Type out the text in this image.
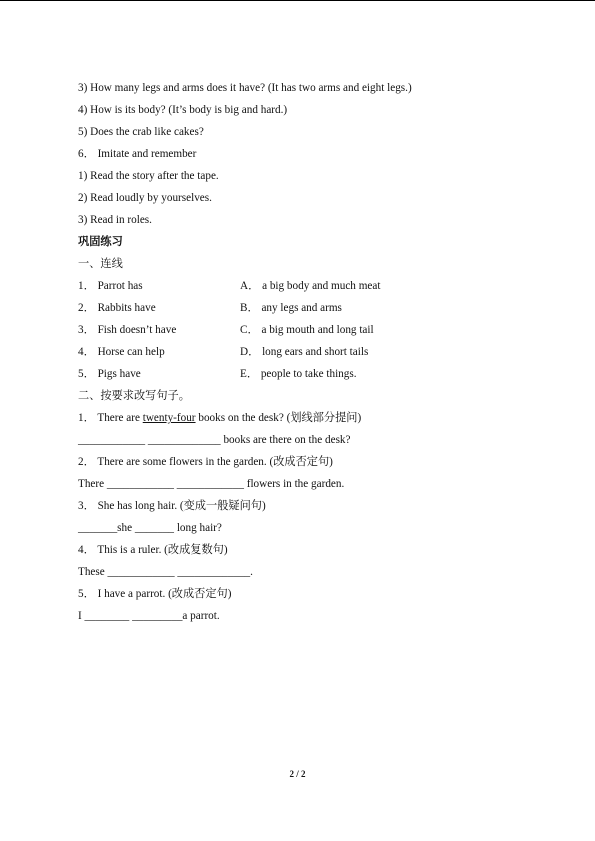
3) How many legs and arms does it have? (It has two arms and eight legs.)
4) How is its body? (It’s body is big and hard.)
5) Does the crab like cakes?
6． Imitate and remember
1) Read the story after the tape.
2) Read loudly by yourselves.
3) Read in roles.
巩固练习
一、连线
1． Parrot has	A． a big body and much meat
2． Rabbits have	B． any legs and arms
3． Fish doesn’t have	C． a big mouth and long tail
4． Horse can help	D． long ears and short tails
5． Pigs have	E． people to take things.
二、按要求改写句子。
1． There are twenty-four books on the desk? (划线部分提问)
____________ _____________ books are there on the desk?
2． There are some flowers in the garden. (改成否定句)
There ____________ ____________ flowers in the garden.
3． She has long hair. (变成一般疑问句)
_______she _______ long hair?
4． This is a ruler. (改成复数句)
These ____________ _____________.
5． I have a parrot. (改成否定句)
I ________ _________a parrot.
2 / 2
